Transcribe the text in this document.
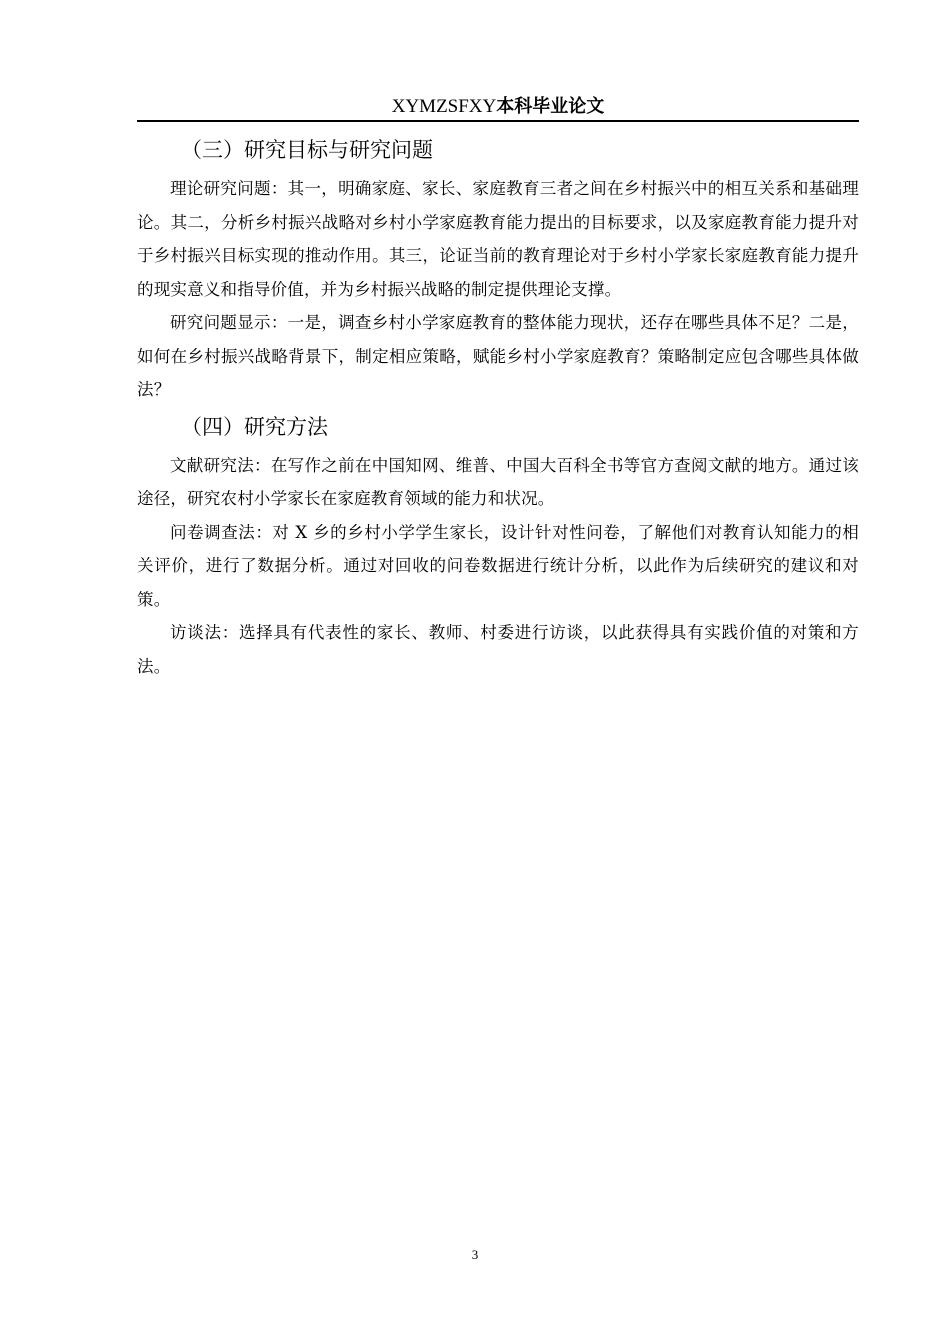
XYMZSFXY本科毕业论文
（三）研究目标与研究问题

理论研究问题：其一，明确家庭、家长、家庭教育三者之间在乡村振兴中的相互关系和基础理论。其二，分析乡村振兴战略对乡村小学家庭教育能力提出的目标要求，以及家庭教育能力提升对于乡村振兴目标实现的推动作用。其三，论证当前的教育理论对于乡村小学家长家庭教育能力提升的现实意义和指导价值，并为乡村振兴战略的制定提供理论支撑。

研究问题显示：一是，调查乡村小学家庭教育的整体能力现状，还存在哪些具体不足？二是，如何在乡村振兴战略背景下，制定相应策略，赋能乡村小学家庭教育？策略制定应包含哪些具体做法？

（四）研究方法

文献研究法：在写作之前在中国知网、维普、中国大百科全书等官方查阅文献的地方。通过该途径，研究农村小学家长在家庭教育领域的能力和状况。

问卷调查法：对 X 乡的乡村小学学生家长，设计针对性问卷，了解他们对教育认知能力的相关评价，进行了数据分析。通过对回收的问卷数据进行统计分析，以此作为后续研究的建议和对策。

访谈法：选择具有代表性的家长、教师、村委进行访谈，以此获得具有实践价值的对策和方法。

3
